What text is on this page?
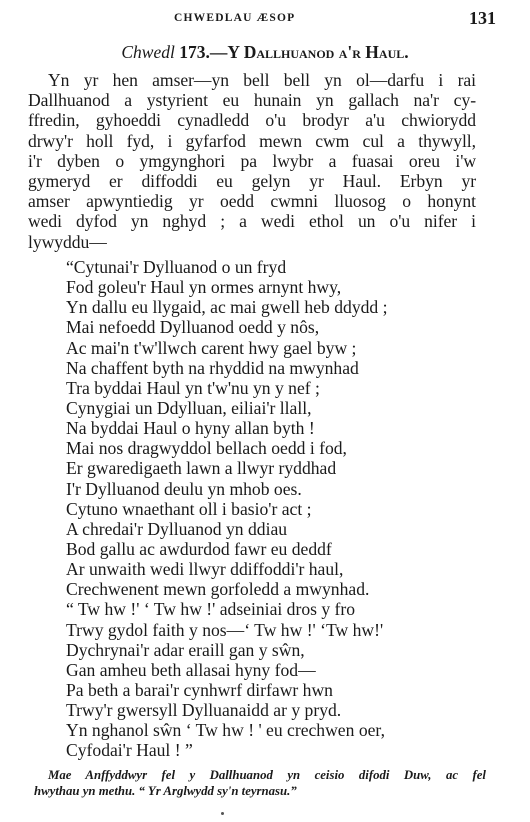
CHWEDLAU ÆSOP	131
Chwedl 173.—Y Dallhuanod a'r Haul.
Yn yr hen amser—yn bell bell yn ol—darfu i rai
Dallhuanod a ystyrient eu hunain yn gallach na'r cy-
ffredin, gyhoeddi cynadledd o'u brodyr a'u chwiorydd
drwy'r holl fyd, i gyfarfod mewn cwm cul a thywyll,
i'r dyben o ymgynghori pa lwybr a fuasai oreu i'w
gymeryd er diffoddi eu gelyn yr Haul. Erbyn yr
amser apwyntiedig yr oedd cwmni lluosog o honynt
wedi dyfod yn nghyd ; a wedi ethol un o'u nifer i
lywyddu—
“Cytunai'r Dylluanod o un fryd
Fod goleu'r Haul yn ormes arnynt hwy,
Yn dallu eu llygaid, ac mai gwell heb ddydd ;
Mai nefoedd Dylluanod oedd y nôs,
Ac mai'n t'w'llwch carent hwy gael byw ;
Na chaffent byth na rhyddid na mwynhad
Tra byddai Haul yn t'w'nu yn y nef ;
Cynygiai un Ddylluan, eiliai'r llall,
Na byddai Haul o hyny allan byth !
Mai nos dragwyddol bellach oedd i fod,
Er gwaredigaeth lawn a llwyr ryddhad
I'r Dylluanod deulu yn mhob oes.
Cytuno wnaethant oll i basio'r act ;
A chredai'r Dylluanod yn ddiau
Bod gallu ac awdurdod fawr eu deddf
Ar unwaith wedi llwyr ddiffoddi'r haul,
Crechwenent mewn gorfoledd a mwynhad.
“ Tw hw !' ‘ Tw hw !' adseiniai dros y fro
Trwy gydol faith y nos—‘ Tw hw !' ‘Tw hw!'
Dychrynai'r adar eraill gan y sŵn,
Gan amheu beth allasai hyny fod—
Pa beth a barai'r cynhwrf dirfawr hwn
Trwy'r gwersyll Dylluanaidd ar y pryd.
Yn nghanol sŵn ‘ Tw hw ! ' eu crechwen oer,
Cyfodai'r Haul ! ”
Mae Anffyddwyr fel y Dallhuanod yn ceisio difodi Duw, ac fel
hwythau yn methu. “ Yr Arglwydd sy'n teyrnasu.”
